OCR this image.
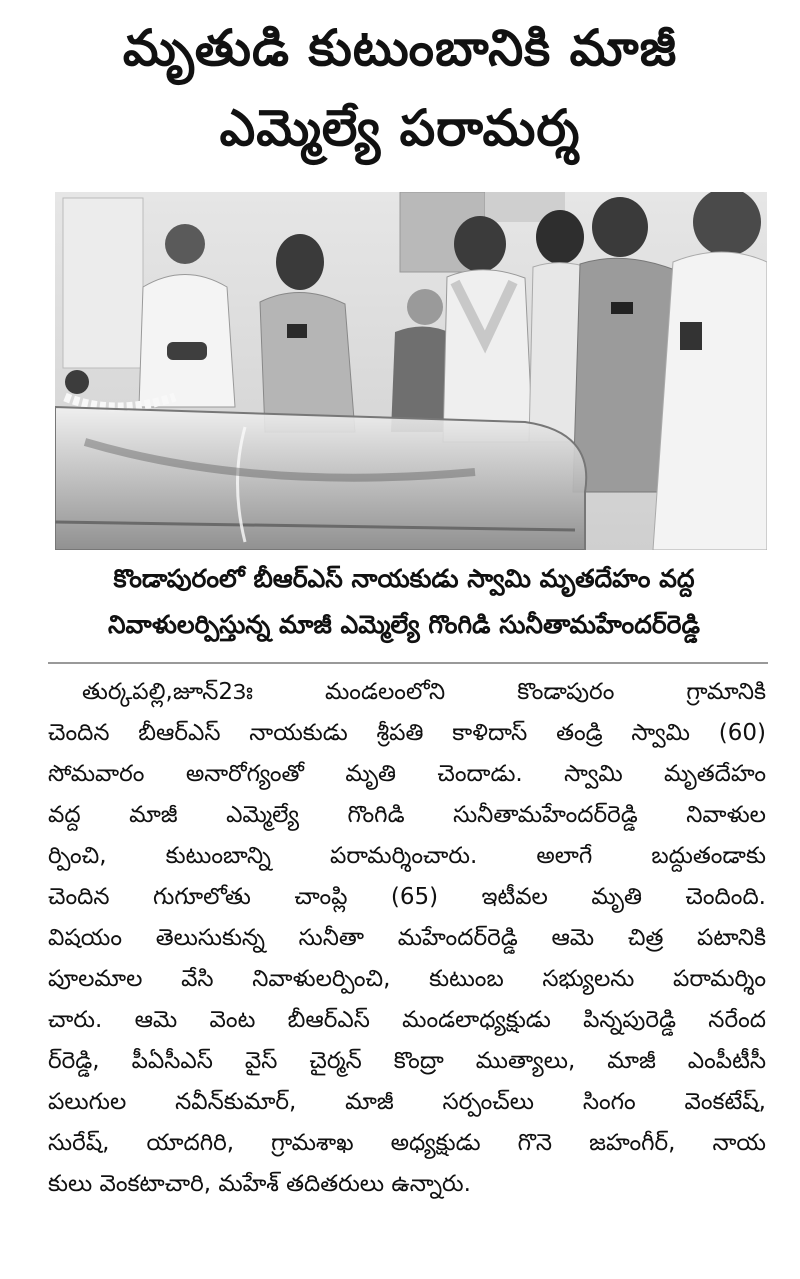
మృతుడి కుటుంబానికి మాజీ
ఎమ్మెల్యే పరామర్శ
కొండాపురంలో బీఆర్ఎస్ నాయకుడు స్వామి మృతదేహం వద్ద
నివాళులర్పిస్తున్న మాజీ ఎమ్మెల్యే గొంగిడి సునీతామహేందర్‌రెడ్డి
తుర్కపల్లి,జూన్23ః మండలంలోని కొండాపురం గ్రామానికి
చెందిన బీఆర్ఎస్ నాయకుడు శ్రీపతి కాళిదాస్ తండ్రి స్వామి (60)
సోమవారం అనారోగ్యంతో మృతి చెందాడు. స్వామి మృతదేహం
వద్ద మాజీ ఎమ్మెల్యే గొంగిడి సునీతామహేందర్‌రెడ్డి నివాళుల
ర్పించి, కుటుంబాన్ని పరామర్శించారు. అలాగే బద్దుతండాకు
చెందిన గుగూలోతు చాంప్లి (65) ఇటీవల మృతి చెందింది.
విషయం తెలుసుకున్న సునీతా మహేందర్‌రెడ్డి ఆమె చిత్ర పటానికి
పూలమాల వేసి నివాళులర్పించి, కుటుంబ సభ్యులను పరామర్శిం
చారు. ఆమె వెంట బీఆర్ఎస్ మండలాధ్యక్షుడు పిన్నపురెడ్డి నరేంద
ర్‌రెడ్డి, పీఏసీఎస్ వైస్ చైర్మన్ కొంద్రా ముత్యాలు, మాజీ ఎంపీటీసీ
పలుగుల నవీన్‌కుమార్, మాజీ సర్పంచ్‌లు సింగం వెంకటేష్,
సురేష్, యాదగిరి, గ్రామశాఖ అధ్యక్షుడు గొనె జహంగీర్, నాయ
కులు వెంకటాచారి, మహేశ్ తదితరులు ఉన్నారు.
